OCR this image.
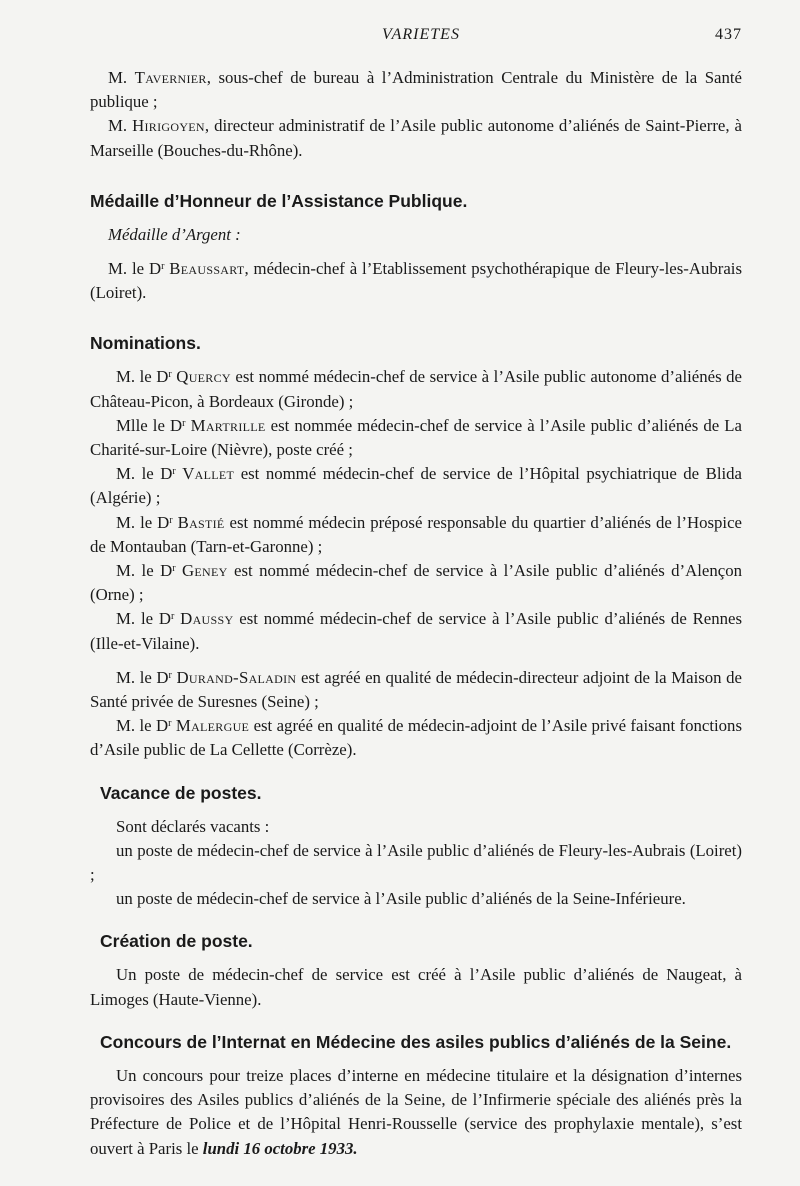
VARIETES	437

M. Tavernier, sous-chef de bureau à l’Administration Centrale du Ministère de la Santé publique ;

M. Hirigoyen, directeur administratif de l’Asile public autonome d’aliénés de Saint-Pierre, à Marseille (Bouches-du-Rhône).

Médaille d’Honneur de l’Assistance Publique.

Médaille d’Argent :

M. le $D^r$ Beaussart, médecin-chef à l’Etablissement psychothérapique de Fleury-les-Aubrais (Loiret).

Nominations.

M. le $D^r$ Quercy est nommé médecin-chef de service à l’Asile public autonome d’aliénés de Château-Picon, à Bordeaux (Gironde) ;

Mlle le $D^r$ Martrille est nommée médecin-chef de service à l’Asile public d’aliénés de La Charité-sur-Loire (Nièvre), poste créé ;

M. le $D^r$ Vallet est nommé médecin-chef de service de l’Hôpital psychiatrique de Blida (Algérie) ;

M. le $D^r$ Bastié est nommé médecin préposé responsable du quartier d’aliénés de l’Hospice de Montauban (Tarn-et-Garonne) ;

M. le $D^r$ Geney est nommé médecin-chef de service à l’Asile public d’aliénés d’Alençon (Orne) ;

M. le $D^r$ Daussy est nommé médecin-chef de service à l’Asile public d’aliénés de Rennes (Ille-et-Vilaine).

M. le $D^r$ Durand-Saladin est agréé en qualité de médecin-directeur adjoint de la Maison de Santé privée de Suresnes (Seine) ;

M. le $D^r$ Malergue est agréé en qualité de médecin-adjoint de l’Asile privé faisant fonctions d’Asile public de La Cellette (Corrèze).

Vacance de postes.

Sont déclarés vacants :

un poste de médecin-chef de service à l’Asile public d’aliénés de Fleury-les-Aubrais (Loiret) ;

un poste de médecin-chef de service à l’Asile public d’aliénés de la Seine-Inférieure.

Création de poste.

Un poste de médecin-chef de service est créé à l’Asile public d’aliénés de Naugeat, à Limoges (Haute-Vienne).

Concours de l’Internat en Médecine des asiles publics d’aliénés de la Seine.

Un concours pour treize places d’interne en médecine titulaire et la désignation d’internes provisoires des Asiles publics d’aliénés de la Seine, de l’Infirmerie spéciale des aliénés près la Préfecture de Police et de l’Hôpital Henri-Rousselle (service des prophylaxie mentale), s’est ouvert à Paris le lundi 16 octobre 1933.
